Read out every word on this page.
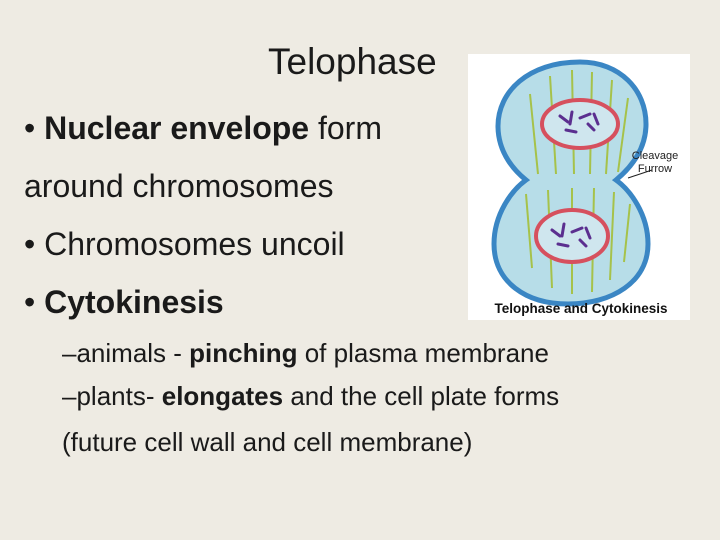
Telophase
• Nuclear envelope form
around chromosomes
• Chromosomes uncoil
• Cytokinesis
–animals - pinching of plasma membrane
–plants- elongates and the cell plate forms
(future cell wall and cell membrane)
Cleavage
Furrow
Telophase and Cytokinesis
